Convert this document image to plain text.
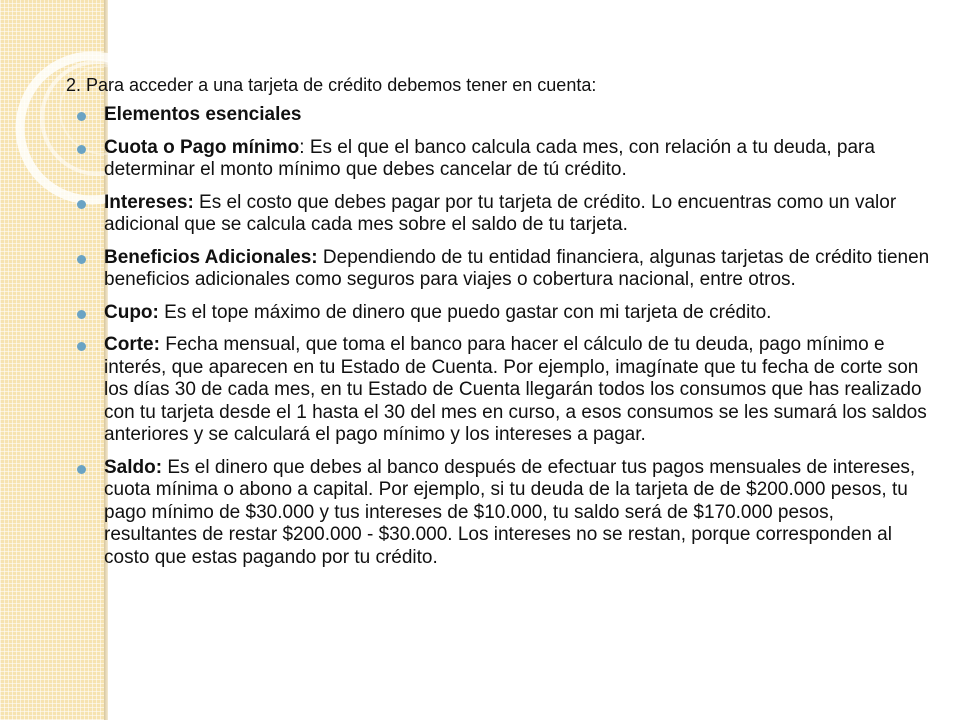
2. Para acceder a una tarjeta de crédito debemos tener en cuenta:

Elementos esenciales
Cuota o Pago mínimo: Es el que el banco calcula cada mes, con relación a tu deuda, para determinar el monto mínimo que debes cancelar de tú crédito.
Intereses: Es el costo que debes pagar por tu tarjeta de crédito. Lo encuentras como un valor adicional que se calcula cada mes sobre el saldo de tu tarjeta.
Beneficios Adicionales: Dependiendo de tu entidad financiera, algunas tarjetas de crédito tienen beneficios adicionales como seguros para viajes o cobertura nacional, entre otros.
Cupo: Es el tope máximo de dinero que puedo gastar con mi tarjeta de crédito.
Corte: Fecha mensual, que toma el banco para hacer el cálculo de tu deuda, pago mínimo e interés, que aparecen en tu Estado de Cuenta. Por ejemplo, imagínate que tu fecha de corte son los días 30 de cada mes, en tu Estado de Cuenta llegarán todos los consumos que has realizado con tu tarjeta desde el 1 hasta el 30 del mes en curso, a esos consumos se les sumará los saldos anteriores y se calculará el pago mínimo y los intereses a pagar.
Saldo: Es el dinero que debes al banco después de efectuar tus pagos mensuales de intereses, cuota mínima o abono a capital. Por ejemplo, si tu deuda de la tarjeta de de $200.000 pesos, tu pago mínimo de $30.000 y tus intereses de $10.000, tu saldo será de $170.000 pesos, resultantes de restar $200.000 - $30.000. Los intereses no se restan, porque corresponden al costo que estas pagando por tu crédito.
